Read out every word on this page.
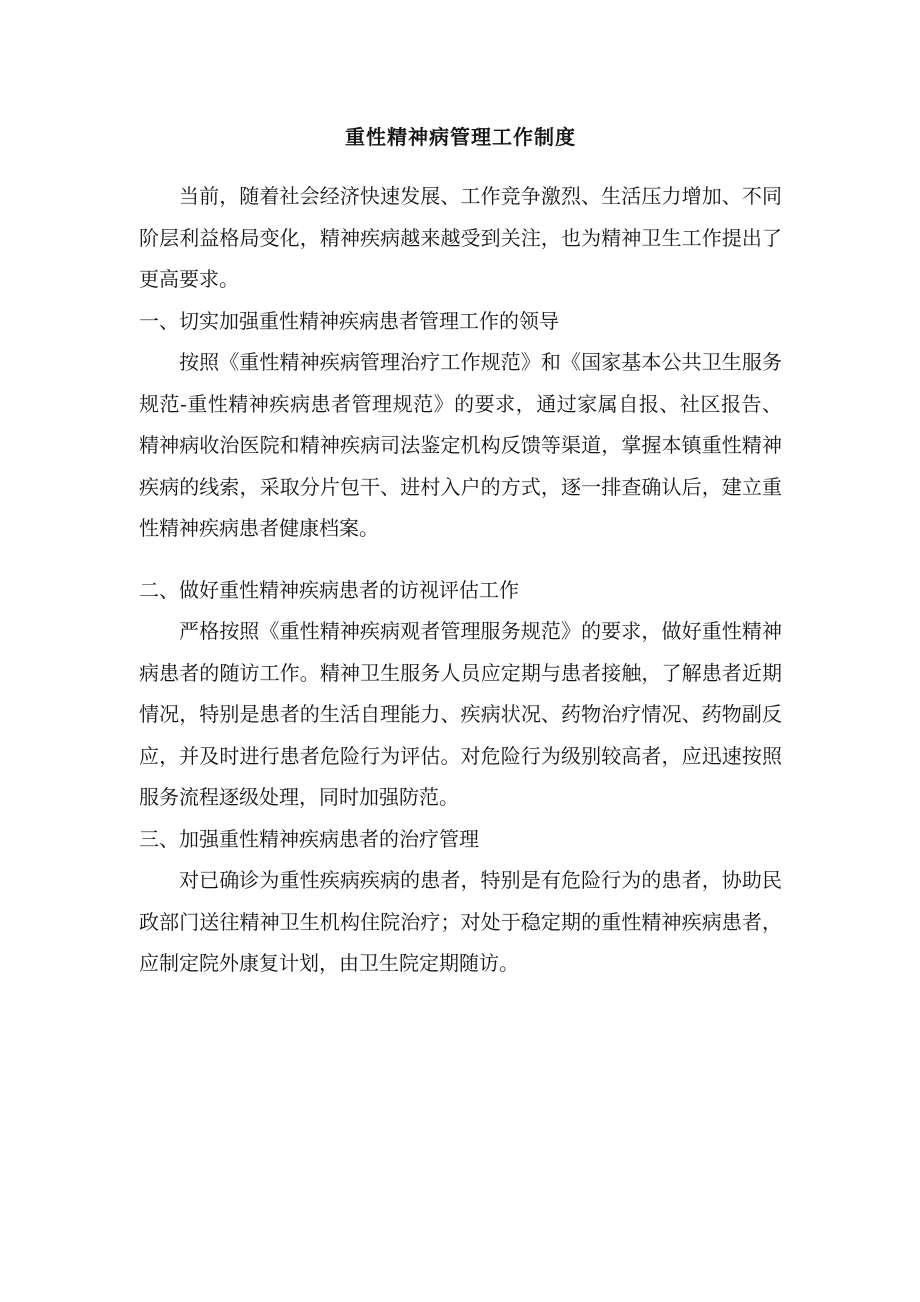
重性精神病管理工作制度

当前，随着社会经济快速发展、工作竞争激烈、生活压力增加、不同阶层利益格局变化，精神疾病越来越受到关注，也为精神卫生工作提出了更高要求。

一、切实加强重性精神疾病患者管理工作的领导

按照《重性精神疾病管理治疗工作规范》和《国家基本公共卫生服务规范-重性精神疾病患者管理规范》的要求，通过家属自报、社区报告、精神病收治医院和精神疾病司法鉴定机构反馈等渠道，掌握本镇重性精神疾病的线索，采取分片包干、进村入户的方式，逐一排查确认后，建立重性精神疾病患者健康档案。

二、做好重性精神疾病患者的访视评估工作

严格按照《重性精神疾病观者管理服务规范》的要求，做好重性精神病患者的随访工作。精神卫生服务人员应定期与患者接触，了解患者近期情况，特别是患者的生活自理能力、疾病状况、药物治疗情况、药物副反应，并及时进行患者危险行为评估。对危险行为级别较高者，应迅速按照服务流程逐级处理，同时加强防范。

三、加强重性精神疾病患者的治疗管理

对已确诊为重性疾病疾病的患者，特别是有危险行为的患者，协助民政部门送往精神卫生机构住院治疗；对处于稳定期的重性精神疾病患者，应制定院外康复计划，由卫生院定期随访。
